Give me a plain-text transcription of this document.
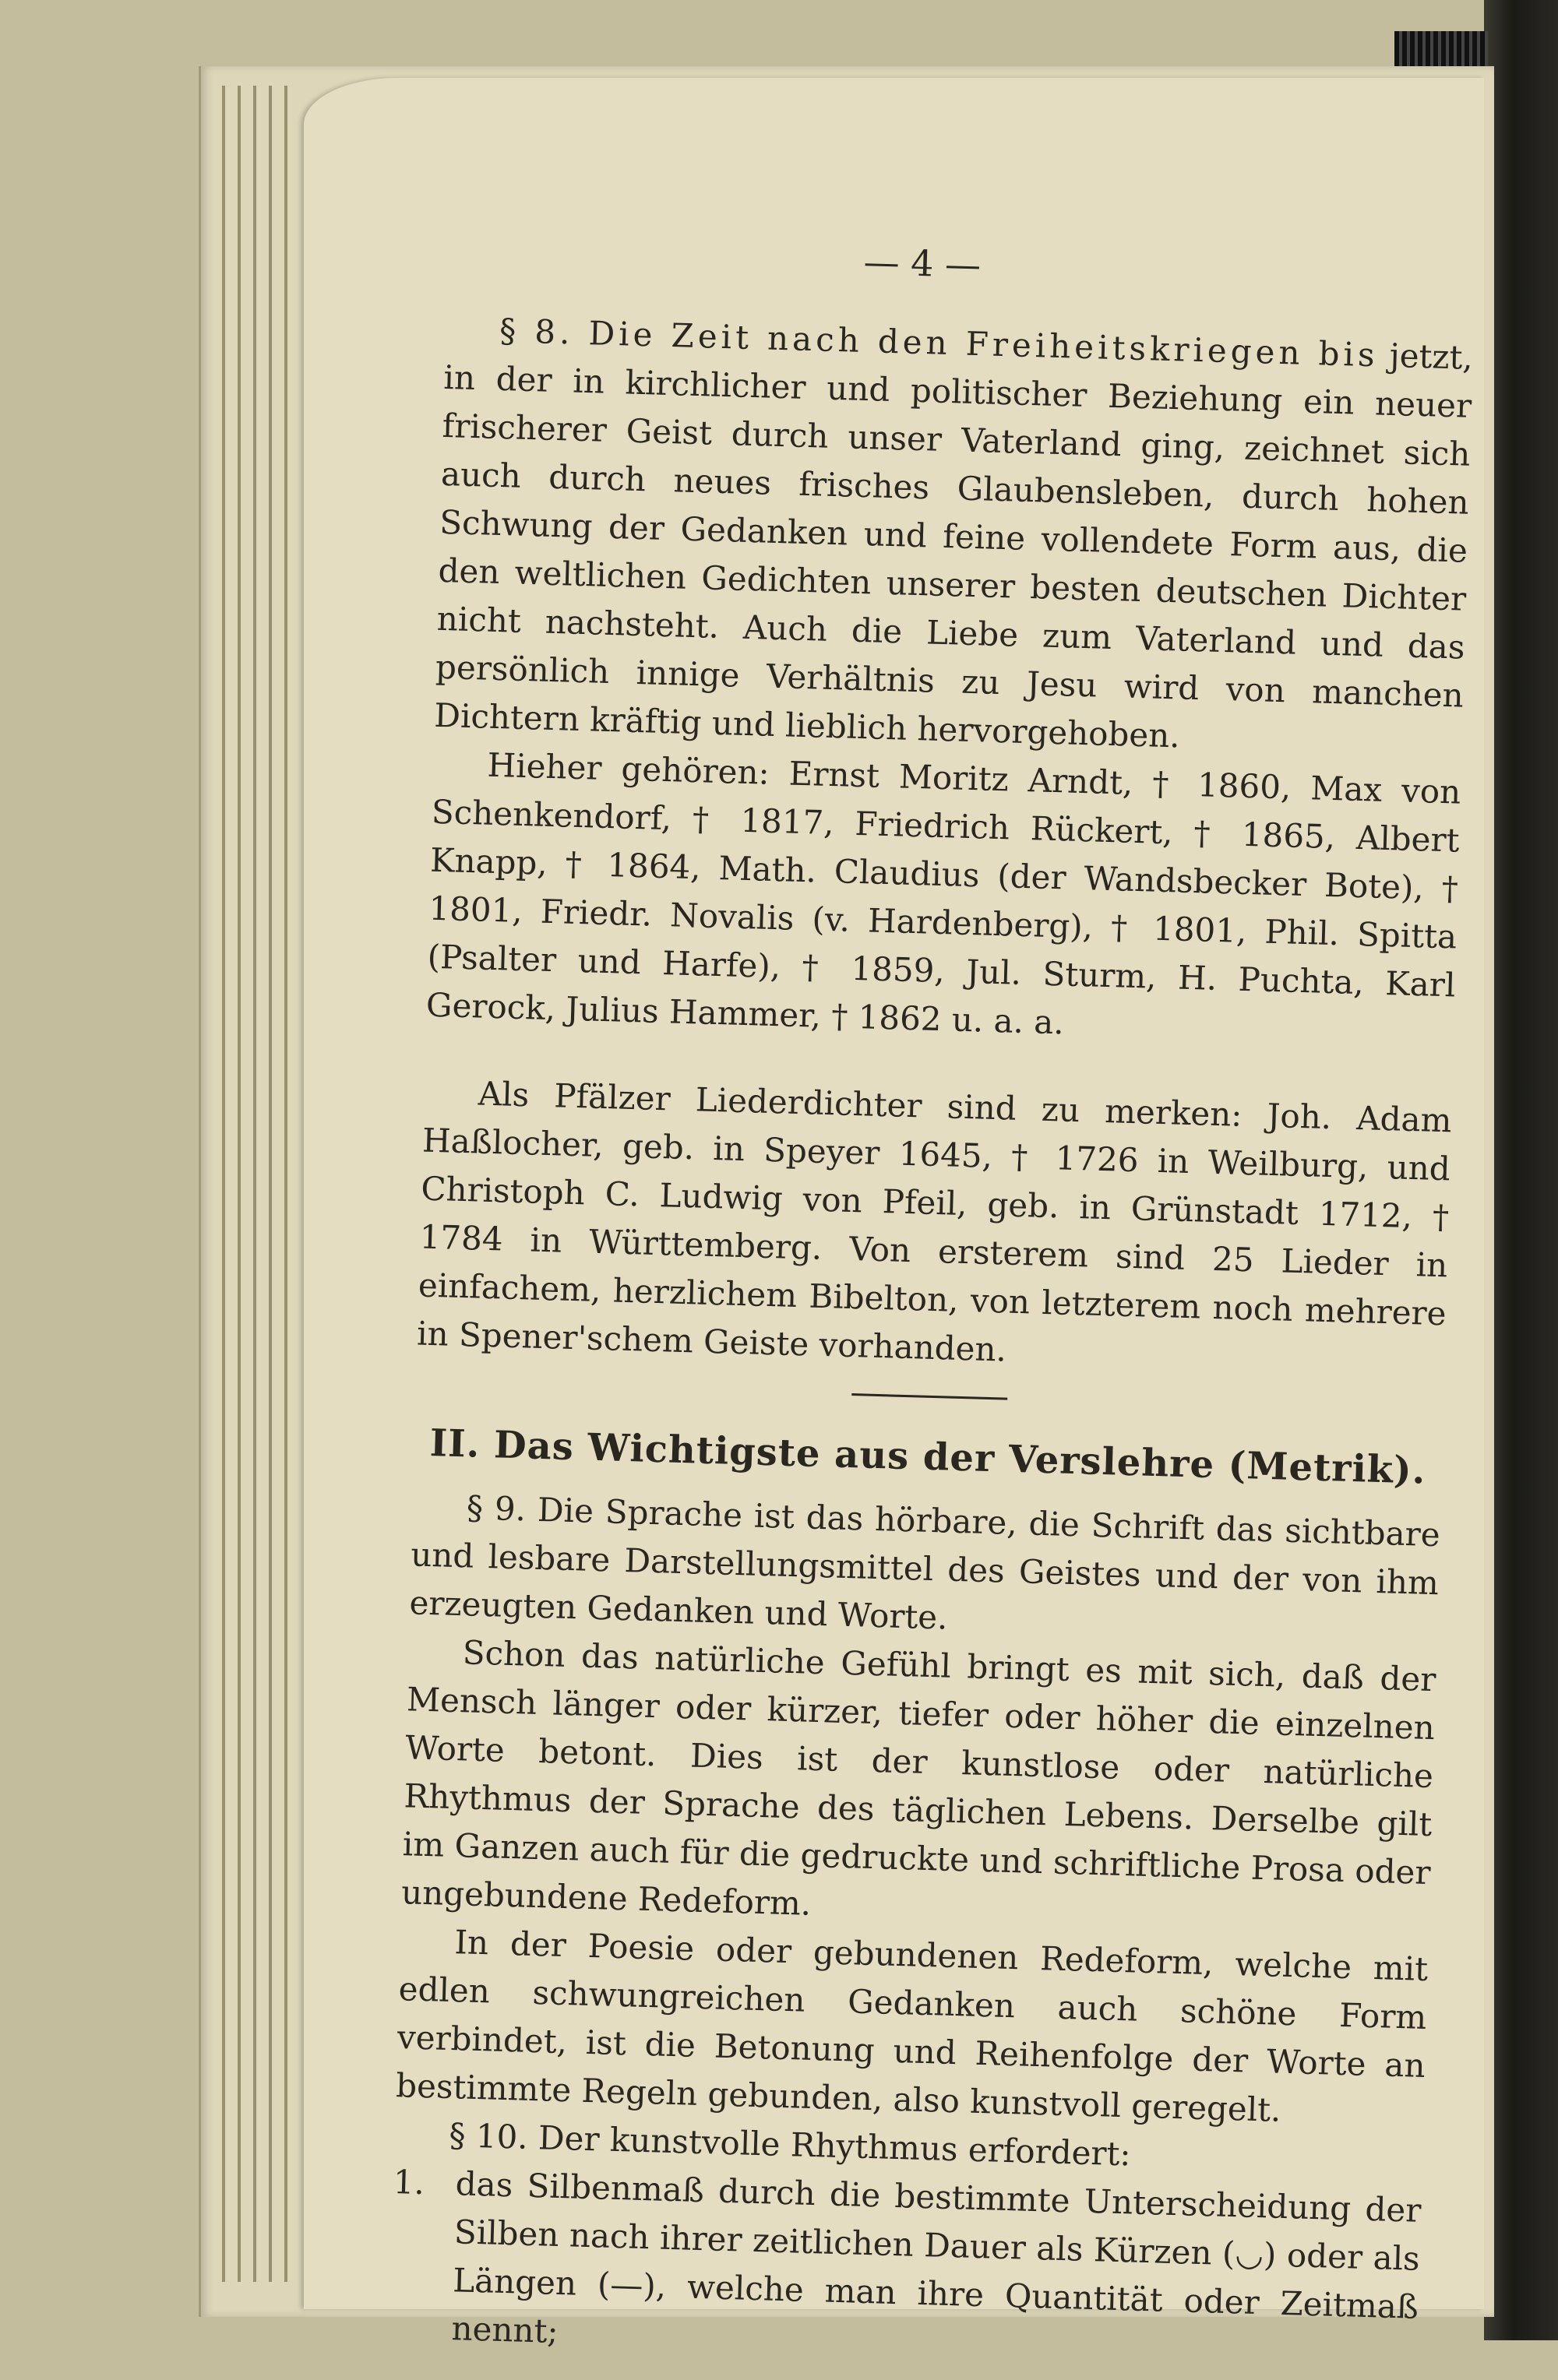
— 4 —

§ 8. Die Zeit nach den Freiheitskriegen bis jetzt, in der in kirchlicher und politischer Beziehung ein neuer frischerer Geist durch unser Vaterland ging, zeichnet sich auch durch neues frisches Glaubensleben, durch hohen Schwung der Gedanken und feine vollendete Form aus, die den weltlichen Gedichten unserer besten deutschen Dichter nicht nachsteht. Auch die Liebe zum Vaterland und das persönlich innige Verhältnis zu Jesu wird von manchen Dichtern kräftig und lieblich hervorgehoben.

Hieher gehören: Ernst Moritz Arndt, † 1860, Max von Schenkendorf, † 1817, Friedrich Rückert, † 1865, Albert Knapp, † 1864, Math. Claudius (der Wandsbecker Bote), † 1801, Friedr. Novalis (v. Hardenberg), † 1801, Phil. Spitta (Psalter und Harfe), † 1859, Jul. Sturm, H. Puchta, Karl Gerock, Julius Hammer, † 1862 u. a. a.

Als Pfälzer Liederdichter sind zu merken: Joh. Adam Haßlocher, geb. in Speyer 1645, † 1726 in Weilburg, und Christoph C. Ludwig von Pfeil, geb. in Grünstadt 1712, † 1784 in Württemberg. Von ersterem sind 25 Lieder in einfachem, herzlichem Bibelton, von letzterem noch mehrere in Spener'schem Geiste vorhanden.

II. Das Wichtigste aus der Verslehre (Metrik).

§ 9. Die Sprache ist das hörbare, die Schrift das sichtbare und lesbare Darstellungsmittel des Geistes und der von ihm erzeugten Gedanken und Worte.

Schon das natürliche Gefühl bringt es mit sich, daß der Mensch länger oder kürzer, tiefer oder höher die einzelnen Worte betont. Dies ist der kunstlose oder natürliche Rhythmus der Sprache des täglichen Lebens. Derselbe gilt im Ganzen auch für die gedruckte und schriftliche Prosa oder ungebundene Redeform.

In der Poesie oder gebundenen Redeform, welche mit edlen schwungreichen Gedanken auch schöne Form verbindet, ist die Betonung und Reihenfolge der Worte an bestimmte Regeln gebunden, also kunstvoll geregelt.

§ 10. Der kunstvolle Rhythmus erfordert:

1. das Silbenmaß durch die bestimmte Unterscheidung der Silben nach ihrer zeitlichen Dauer als Kürzen (◡) oder als Längen (—), welche man ihre Quantität oder Zeitmaß nennt;
